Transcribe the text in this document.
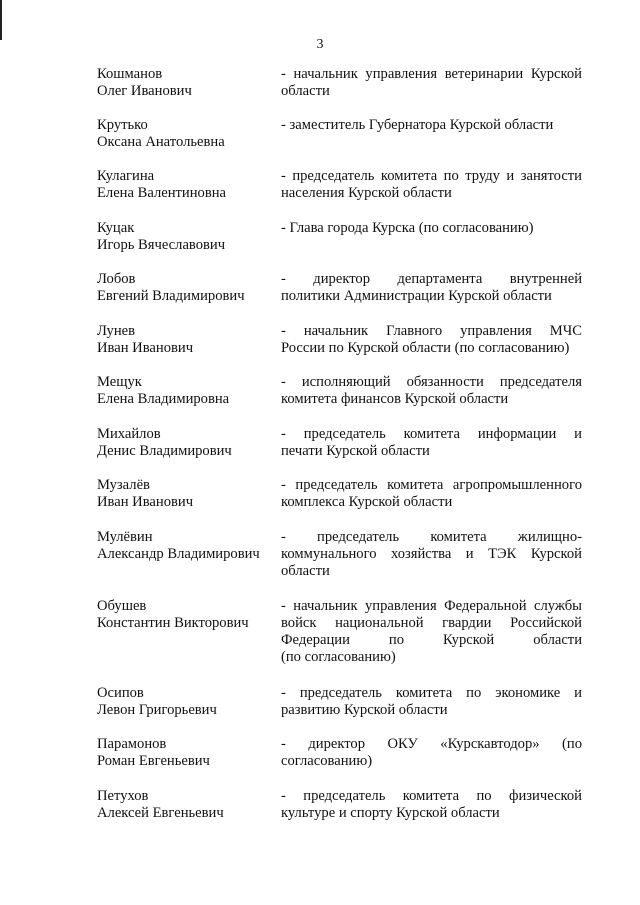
3
Кошманов
Олег Иванович
- начальник управления ветеринарии Курской
области
Крутько
Оксана Анатольевна
- заместитель Губернатора Курской области
Кулагина
Елена Валентиновна
- председатель комитета по труду и занятости
населения Курской области
Куцак
Игорь Вячеславович
- Глава города Курска (по согласованию)
Лобов
Евгений Владимирович
- директор департамента внутренней
политики Администрации Курской области
Лунев
Иван Иванович
- начальник Главного управления МЧС
России по Курской области (по согласованию)
Мещук
Елена Владимировна
- исполняющий обязанности председателя
комитета финансов Курской области
Михайлов
Денис Владимирович
- председатель комитета информации и
печати Курской области
Музалёв
Иван Иванович
- председатель комитета агропромышленного
комплекса Курской области
Мулёвин
Александр Владимирович
- председатель комитета жилищно-
коммунального хозяйства и ТЭК Курской
области
Обушев
Константин Викторович
- начальник управления Федеральной службы
войск национальной гвардии Российской
Федерации по Курской области
(по согласованию)
Осипов
Левон Григорьевич
- председатель комитета по экономике и
развитию Курской области
Парамонов
Роман Евгеньевич
- директор ОКУ «Курскавтодор» (по
согласованию)
Петухов
Алексей Евгеньевич
- председатель комитета по физической
культуре и спорту Курской области
